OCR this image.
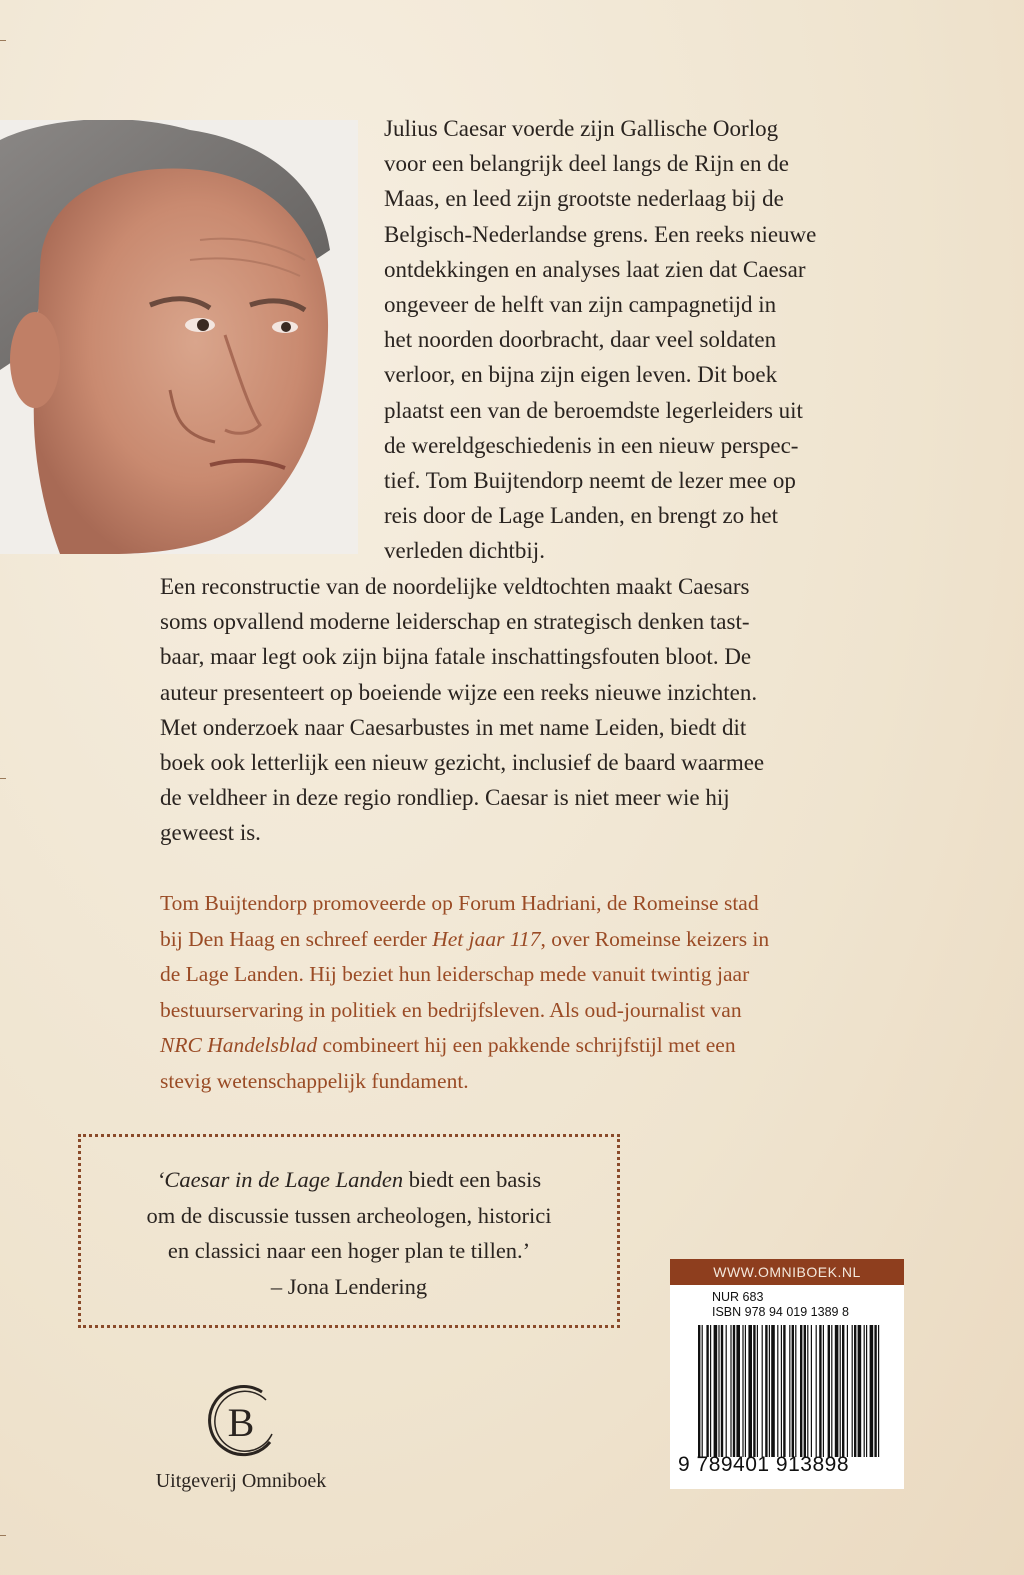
Julius Caesar voerde zijn Gallische Oorlog
voor een belangrijk deel langs de Rijn en de
Maas, en leed zijn grootste nederlaag bij de
Belgisch-Nederlandse grens. Een reeks nieuwe
ontdekkingen en analyses laat zien dat Caesar
ongeveer de helft van zijn campagnetijd in
het noorden doorbracht, daar veel soldaten
verloor, en bijna zijn eigen leven. Dit boek
plaatst een van de beroemdste legerleiders uit
de wereldgeschiedenis in een nieuw perspec-
tief. Tom Buijtendorp neemt de lezer mee op
reis door de Lage Landen, en brengt zo het
verleden dichtbij.

Een reconstructie van de noordelijke veldtochten maakt Caesars
soms opvallend moderne leiderschap en strategisch denken tast-
baar, maar legt ook zijn bijna fatale inschattingsfouten bloot. De
auteur presenteert op boeiende wijze een reeks nieuwe inzichten.
Met onderzoek naar Caesarbustes in met name Leiden, biedt dit
boek ook letterlijk een nieuw gezicht, inclusief de baard waarmee
de veldheer in deze regio rondliep. Caesar is niet meer wie hij
geweest is.

Tom Buijtendorp promoveerde op Forum Hadriani, de Romeinse stad
bij Den Haag en schreef eerder Het jaar 117, over Romeinse keizers in
de Lage Landen. Hij beziet hun leiderschap mede vanuit twintig jaar
bestuurservaring in politiek en bedrijfsleven. Als oud-journalist van
NRC Handelsblad combineert hij een pakkende schrijfstijl met een
stevig wetenschappelijk fundament.

‘Caesar in de Lage Landen biedt een basis
om de discussie tussen archeologen, historici
en classici naar een hoger plan te tillen.’
– Jona Lendering

B
Uitgeverij Omniboek
WWW.OMNIBOEK.NL
NUR 683
ISBN 978 94 019 1389 8
9 789401 913898
